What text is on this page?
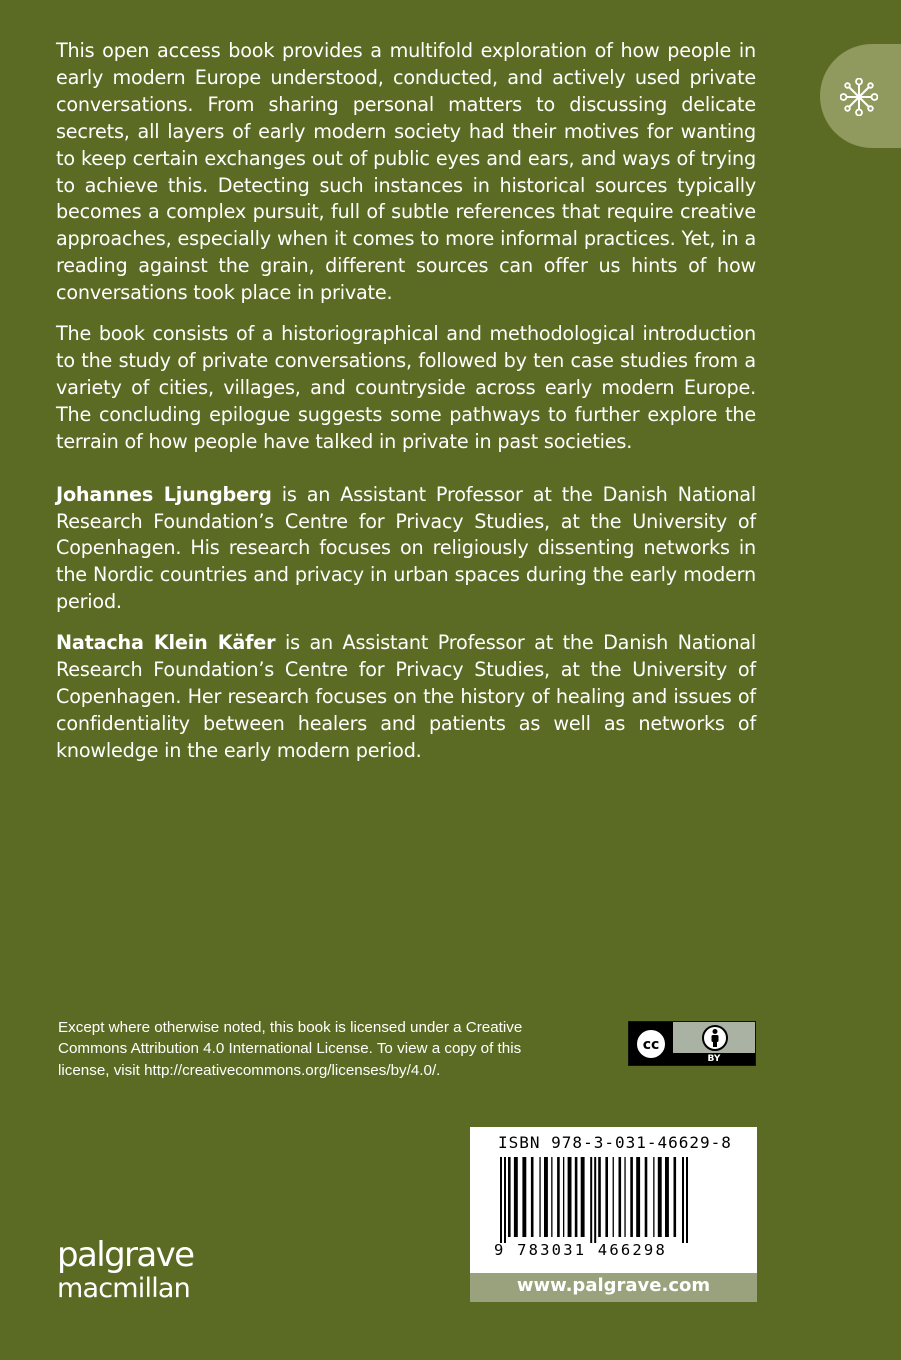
This open access book provides a multifold exploration of how people in early modern Europe understood, conducted, and actively used private conversations. From sharing personal matters to discussing delicate secrets, all layers of early modern society had their motives for wanting to keep certain exchanges out of public eyes and ears, and ways of trying to achieve this. Detecting such instances in historical sources typically becomes a complex pursuit, full of subtle references that require creative approaches, especially when it comes to more informal practices. Yet, in a reading against the grain, different sources can offer us hints of how conversations took place in private.

The book consists of a historiographical and methodological introduction to the study of private conversations, followed by ten case studies from a variety of cities, villages, and countryside across early modern Europe. The concluding epilogue suggests some pathways to further explore the terrain of how people have talked in private in past societies.

Johannes Ljungberg is an Assistant Professor at the Danish National Research Foundation’s Centre for Privacy Studies, at the University of Copenhagen. His research focuses on religiously dissenting networks in the Nordic countries and privacy in urban spaces during the early modern period.

Natacha Klein Käfer is an Assistant Professor at the Danish National Research Foundation’s Centre for Privacy Studies, at the University of Copenhagen. Her research focuses on the history of healing and issues of confidentiality between healers and patients as well as networks of knowledge in the early modern period.

Except where otherwise noted, this book is licensed under a Creative Commons Attribution 4.0 International License. To view a copy of this license, visit http://creativecommons.org/licenses/by/4.0/.
cc
BY
ISBN 978-3-031-46629-8
9 783031 466298
www.palgrave.com
palgrave
macmillan
